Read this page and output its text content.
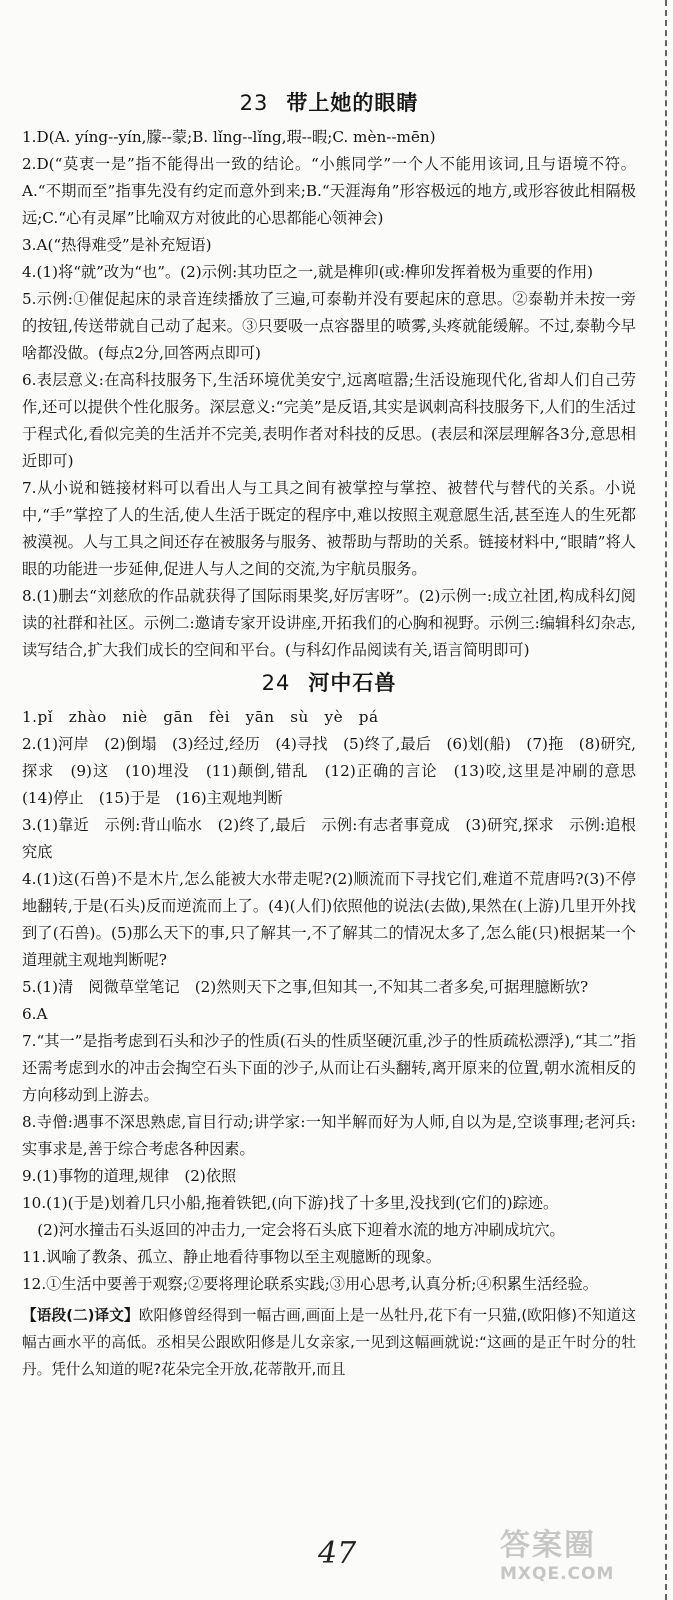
23 带上她的眼睛

1.D(A. yíng--yín,朦--蒙;B. lǐng--lǐng,瑕--暇;C. mèn--mēn)

2.D(“莫衷一是”指不能得出一致的结论。“小熊同学”一个人不能用该词,且与语境不符。A.“不期而至”指事先没有约定而意外到来;B.“天涯海角”形容极远的地方,或形容彼此相隔极远;C.“心有灵犀”比喻双方对彼此的心思都能心领神会)

3.A(“热得难受”是补充短语)

4.(1)将“就”改为“也”。(2)示例:其功臣之一,就是榫卯(或:榫卯发挥着极为重要的作用)

5.示例:①催促起床的录音连续播放了三遍,可泰勒并没有要起床的意思。②泰勒并未按一旁的按钮,传送带就自己动了起来。③只要吸一点容器里的喷雾,头疼就能缓解。不过,泰勒今早啥都没做。(每点2分,回答两点即可)

6.表层意义:在高科技服务下,生活环境优美安宁,远离喧嚣;生活设施现代化,省却人们自己劳作,还可以提供个性化服务。深层意义:“完美”是反语,其实是讽刺高科技服务下,人们的生活过于程式化,看似完美的生活并不完美,表明作者对科技的反思。(表层和深层理解各3分,意思相近即可)

7.从小说和链接材料可以看出人与工具之间有被掌控与掌控、被替代与替代的关系。小说中,“手”掌控了人的生活,使人生活于既定的程序中,难以按照主观意愿生活,甚至连人的生死都被漠视。人与工具之间还存在被服务与服务、被帮助与帮助的关系。链接材料中,“眼睛”将人眼的功能进一步延伸,促进人与人之间的交流,为宇航员服务。

8.(1)删去“刘慈欣的作品就获得了国际雨果奖,好厉害呀”。(2)示例一:成立社团,构成科幻阅读的社群和社区。示例二:邀请专家开设讲座,开拓我们的心胸和视野。示例三:编辑科幻杂志,读写结合,扩大我们成长的空间和平台。(与科幻作品阅读有关,语言简明即可)

24 河中石兽

1.pǐ　zhào　niè　gān　fèi　yān　sù　yè　pá

2.(1)河岸　(2)倒塌　(3)经过,经历　(4)寻找　(5)终了,最后　(6)划(船)　(7)拖　(8)研究,探求　(9)这　(10)埋没　(11)颠倒,错乱　(12)正确的言论　(13)咬,这里是冲刷的意思　(14)停止　(15)于是　(16)主观地判断

3.(1)靠近　示例:背山临水　(2)终了,最后　示例:有志者事竟成　(3)研究,探求　示例:追根究底

4.(1)这(石兽)不是木片,怎么能被大水带走呢?(2)顺流而下寻找它们,难道不荒唐吗?(3)不停地翻转,于是(石头)反而逆流而上了。(4)(人们)依照他的说法(去做),果然在(上游)几里开外找到了(石兽)。(5)那么天下的事,只了解其一,不了解其二的情况太多了,怎么能(只)根据某一个道理就主观地判断呢?

5.(1)清　阅微草堂笔记　(2)然则天下之事,但知其一,不知其二者多矣,可据理臆断欤?

6.A

7.“其一”是指考虑到石头和沙子的性质(石头的性质坚硬沉重,沙子的性质疏松漂浮),“其二”指还需考虑到水的冲击会掏空石头下面的沙子,从而让石头翻转,离开原来的位置,朝水流相反的方向移动到上游去。

8.寺僧:遇事不深思熟虑,盲目行动;讲学家:一知半解而好为人师,自以为是,空谈事理;老河兵:实事求是,善于综合考虑各种因素。

9.(1)事物的道理,规律　(2)依照

10.(1)(于是)划着几只小船,拖着铁钯,(向下游)找了十多里,没找到(它们的)踪迹。

　(2)河水撞击石头返回的冲击力,一定会将石头底下迎着水流的地方冲刷成坑穴。

11.讽喻了教条、孤立、静止地看待事物以至主观臆断的现象。

12.①生活中要善于观察;②要将理论联系实践;③用心思考,认真分析;④积累生活经验。

【语段(二)译文】欧阳修曾经得到一幅古画,画面上是一丛牡丹,花下有一只猫,(欧阳修)不知道这幅古画水平的高低。丞相吴公跟欧阳修是儿女亲家,一见到这幅画就说:“这画的是正午时分的牡丹。凭什么知道的呢?花朵完全开放,花蒂散开,而且

47	答案圈
MXQE.COM
